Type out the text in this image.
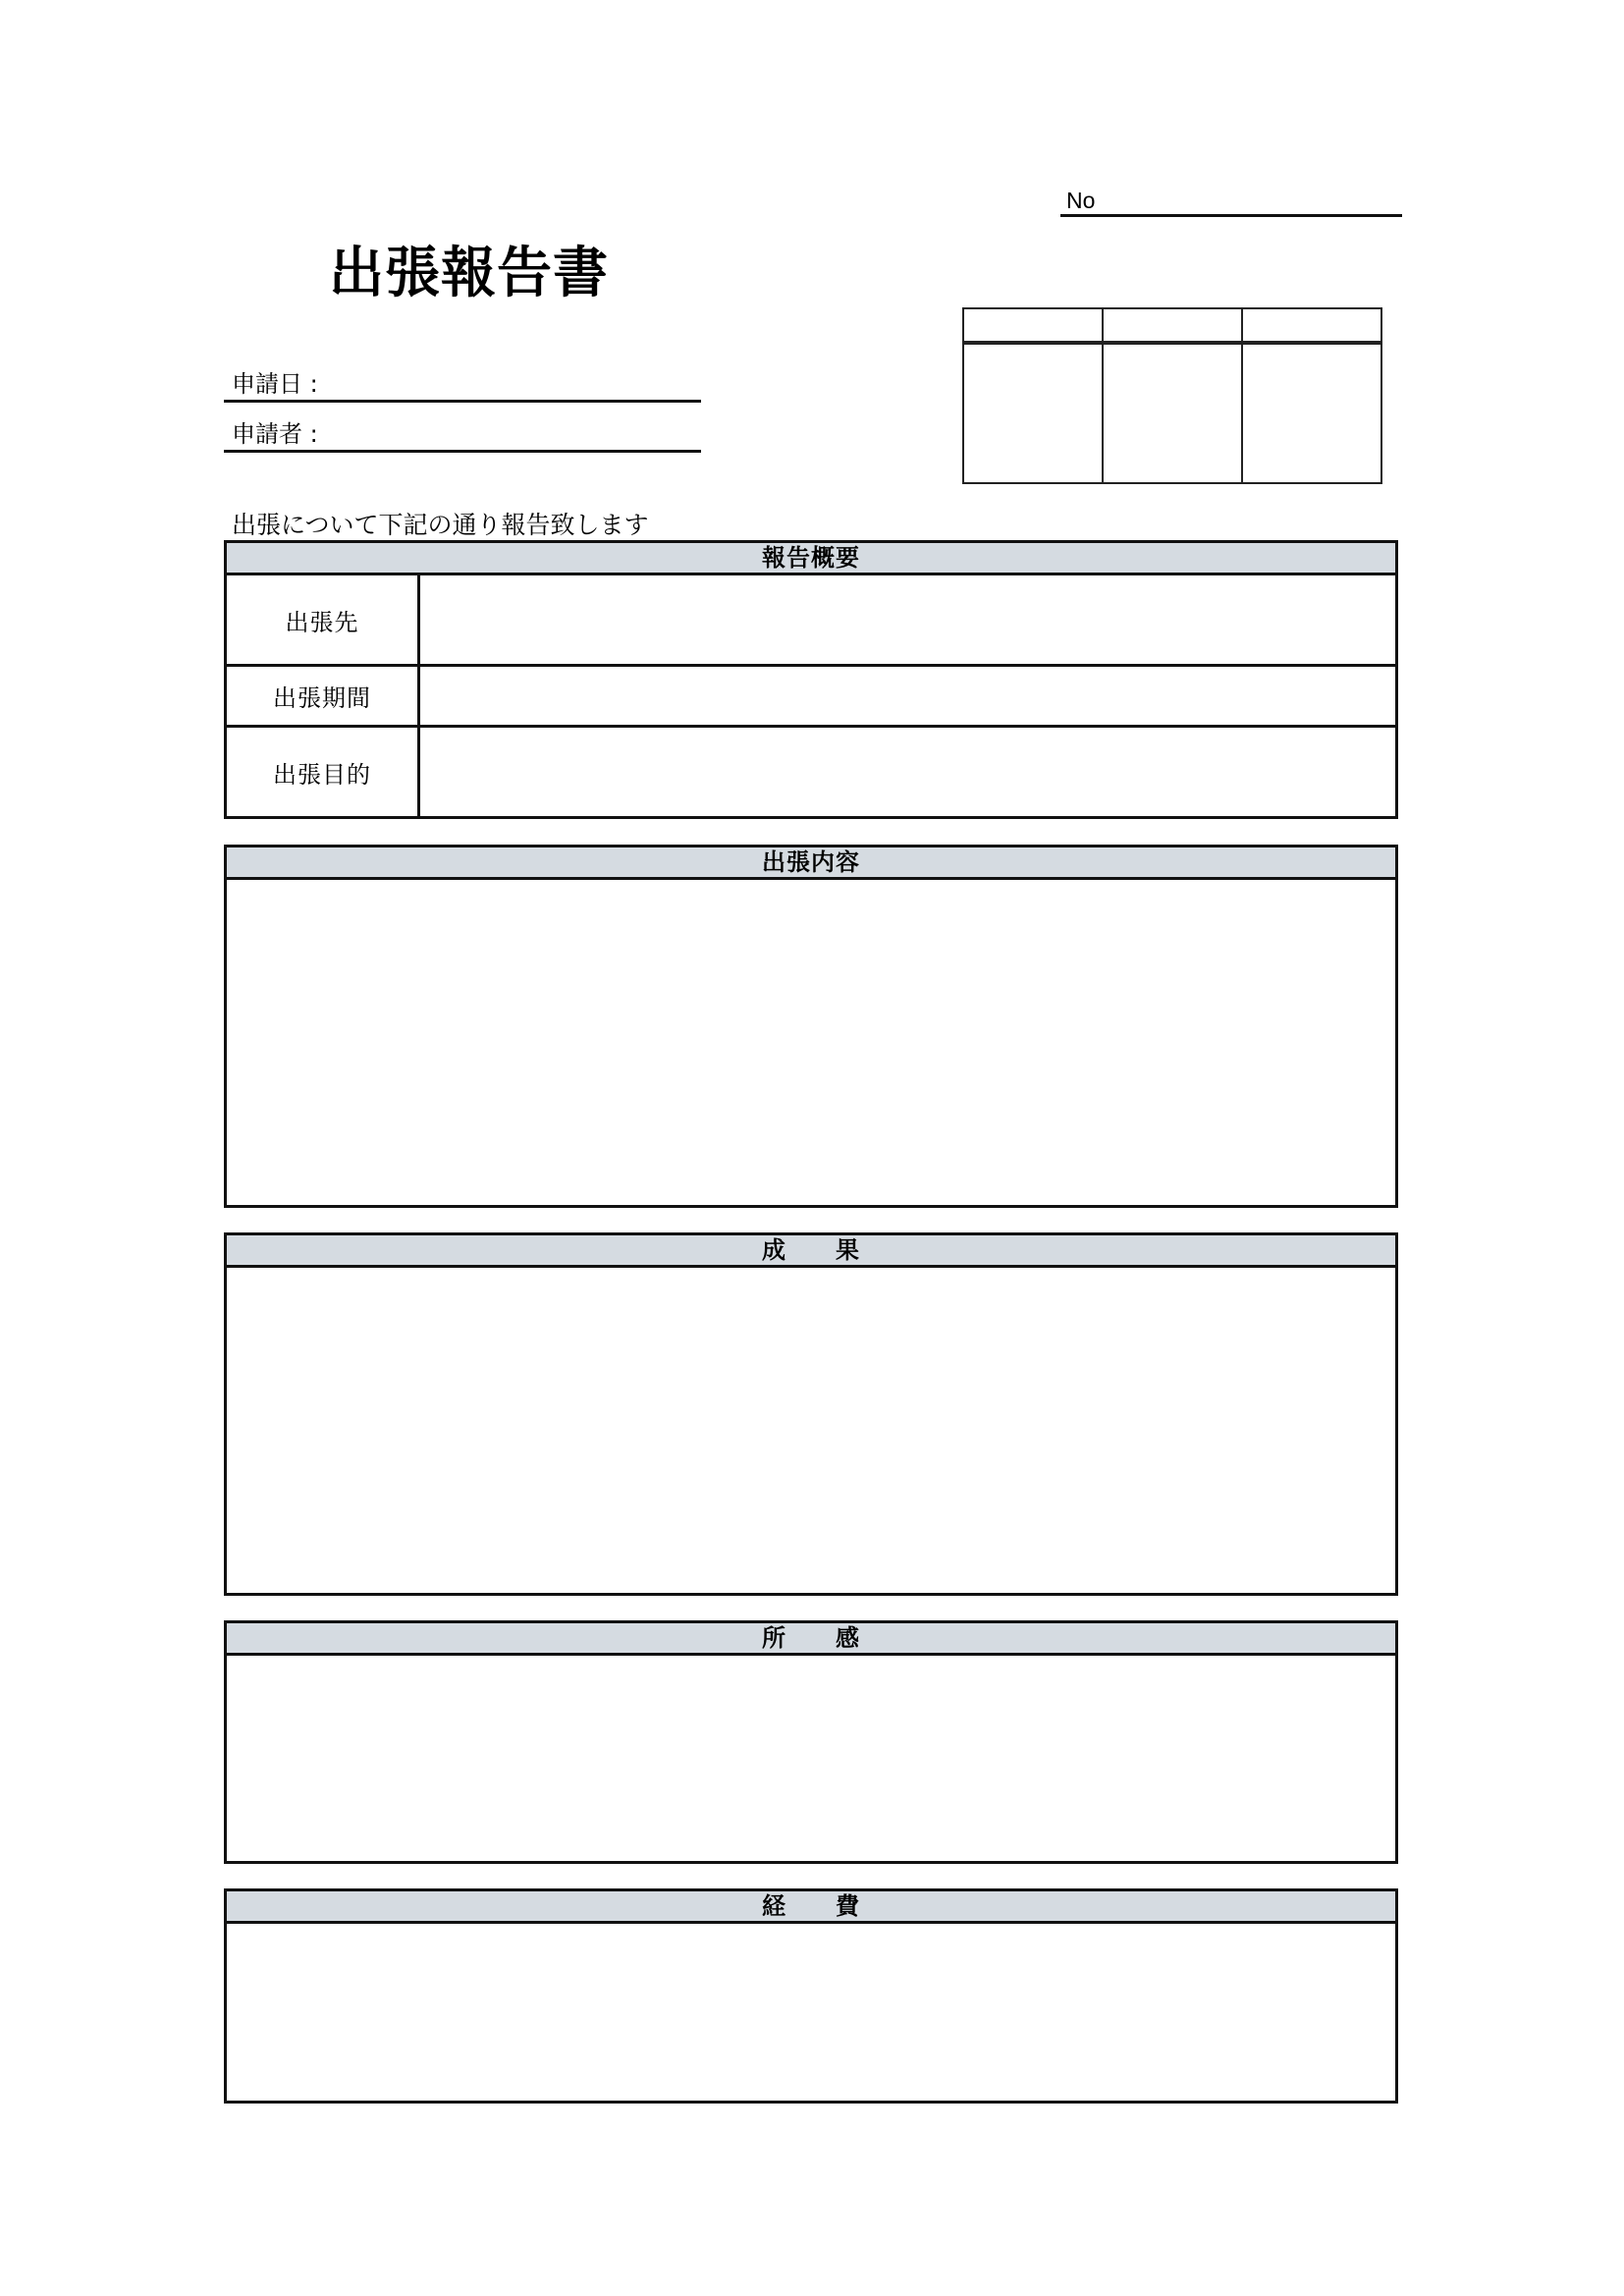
No
出張報告書
申請日 :
申請者 :

出張について下記の通り報告致します
報告概要
出張先
出張期間
出張目的
出張内容
成　　果
所　　感
経　　費
